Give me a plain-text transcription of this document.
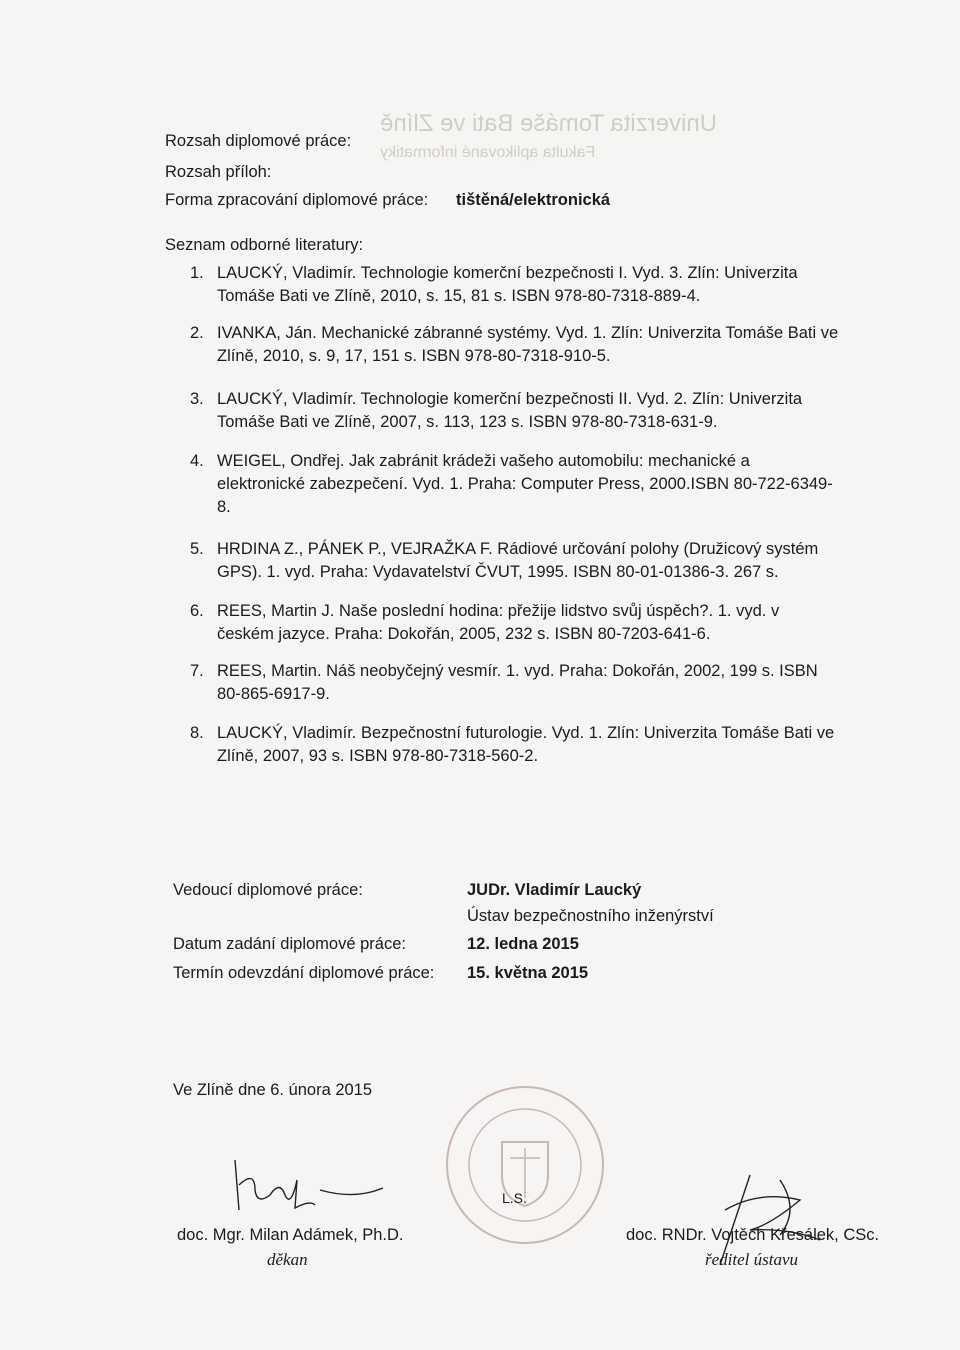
Univerzita Tomáše Bati ve Zlíně
Fakulta aplikované informatiky
Rozsah diplomové práce:
Rozsah příloh:
Forma zpracování diplomové práce: tištěná/elektronická
Seznam odborné literatury:
1. LAUCKÝ, Vladimír. Technologie komerční bezpečnosti I. Vyd. 3. Zlín: Univerzita Tomáše Bati ve Zlíně, 2010, s. 15, 81 s. ISBN 978-80-7318-889-4.
2. IVANKA, Ján. Mechanické zábranné systémy. Vyd. 1. Zlín: Univerzita Tomáše Bati ve Zlíně, 2010, s. 9, 17, 151 s. ISBN 978-80-7318-910-5.
3. LAUCKÝ, Vladimír. Technologie komerční bezpečnosti II. Vyd. 2. Zlín: Univerzita Tomáše Bati ve Zlíně, 2007, s. 113, 123 s. ISBN 978-80-7318-631-9.
4. WEIGEL, Ondřej. Jak zabránit krádeži vašeho automobilu: mechanické a elektronické zabezpečení. Vyd. 1. Praha: Computer Press, 2000.ISBN 80-722-6349-8.
5. HRDINA Z., PÁNEK P., VEJRAŽKA F. Rádiové určování polohy (Družicový systém GPS). 1. vyd. Praha: Vydavatelství ČVUT, 1995. ISBN 80-01-01386-3. 267 s.
6. REES, Martin J. Naše poslední hodina: přežije lidstvo svůj úspěch?. 1. vyd. v českém jazyce. Praha: Dokořán, 2005, 232 s. ISBN 80-7203-641-6.
7. REES, Martin. Náš neobyčejný vesmír. 1. vyd. Praha: Dokořán, 2002, 199 s. ISBN 80-865-6917-9.
8. LAUCKÝ, Vladimír. Bezpečnostní futurologie. Vyd. 1. Zlín: Univerzita Tomáše Bati ve Zlíně, 2007, 93 s. ISBN 978-80-7318-560-2.
Vedoucí diplomové práce:	JUDr. Vladimír Laucký
Ústav bezpečnostního inženýrství
Datum zadání diplomové práce:	12. ledna 2015
Termín odevzdání diplomové práce: 15. května 2015
Ve Zlíně dne 6. února 2015
L.S.
doc. Mgr. Milan Adámek, Ph.D.
děkan
doc. RNDr. Vojtěch Křesálek, CSc.
ředitel ústavu
